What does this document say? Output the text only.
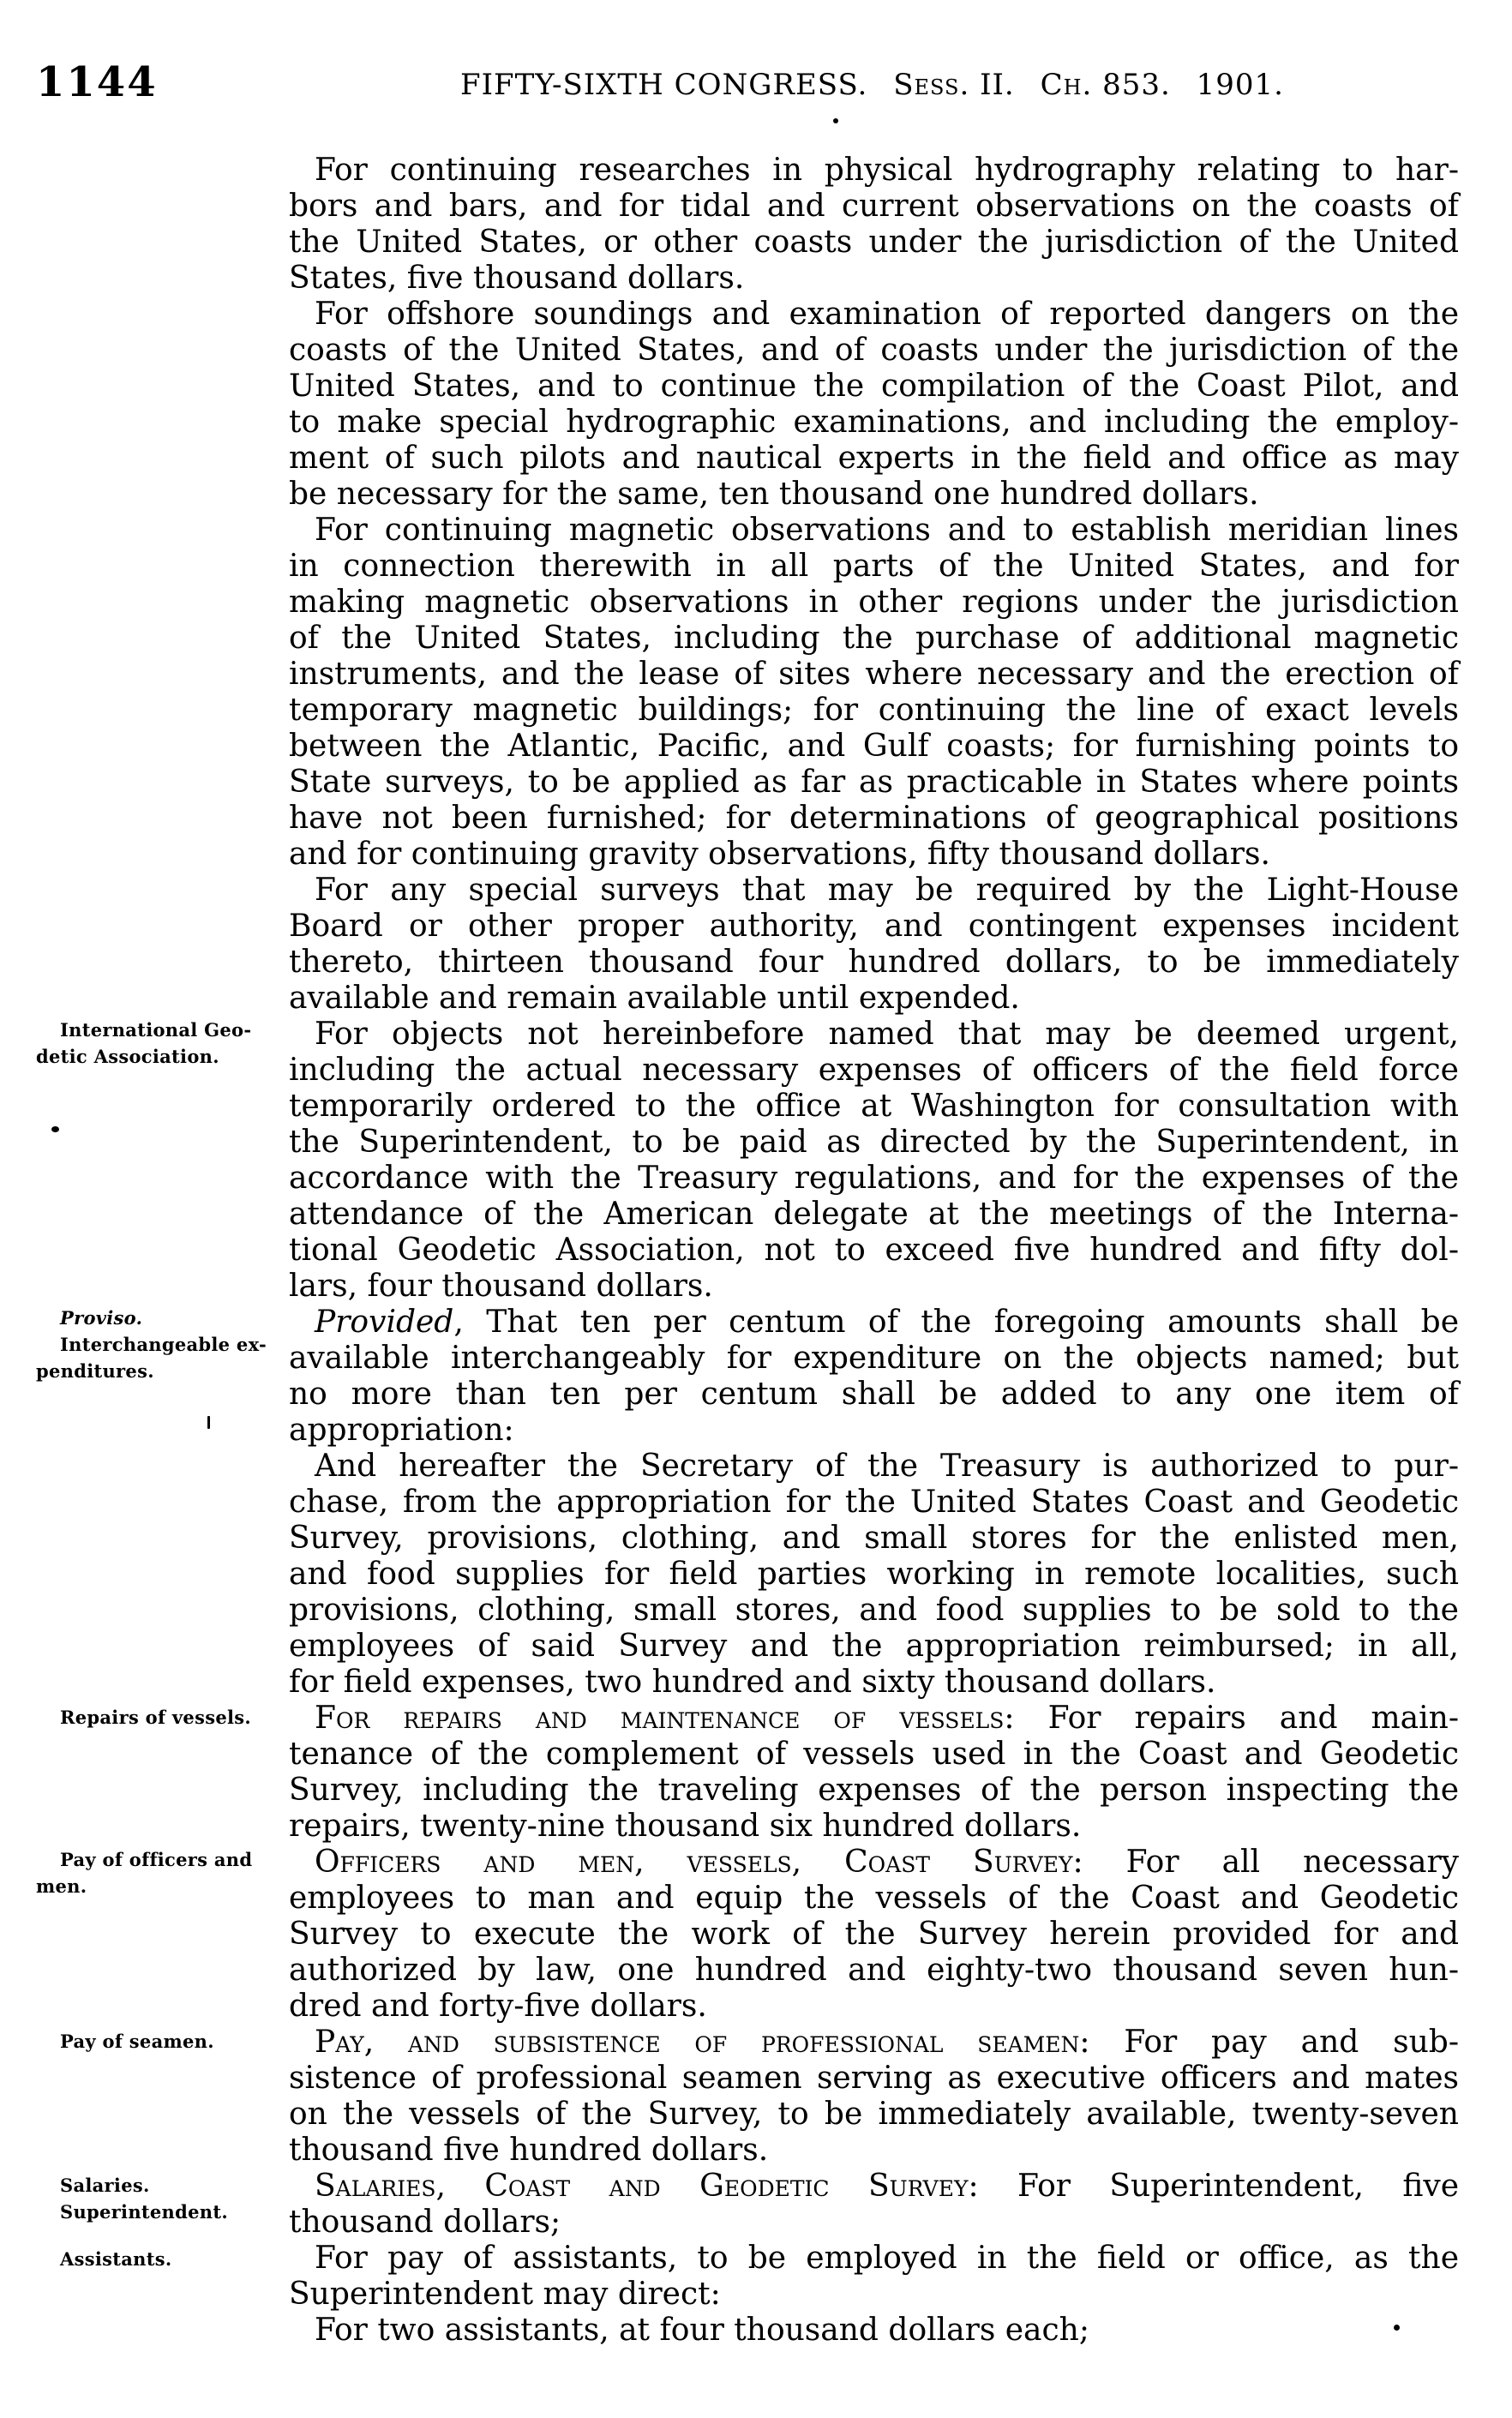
1144	FIFTY-SIXTH CONGRESS. Sess. II. Ch. 853. 1901.
For continuing researches in physical hydrography relating to har-
bors and bars, and for tidal and current observations on the coasts of
the United States, or other coasts under the jurisdiction of the United
States, five thousand dollars.
For offshore soundings and examination of reported dangers on the
coasts of the United States, and of coasts under the jurisdiction of the
United States, and to continue the compilation of the Coast Pilot, and
to make special hydrographic examinations, and including the employ-
ment of such pilots and nautical experts in the field and office as may
be necessary for the same, ten thousand one hundred dollars.
For continuing magnetic observations and to establish meridian lines
in connection therewith in all parts of the United States, and for
making magnetic observations in other regions under the jurisdiction
of the United States, including the purchase of additional magnetic
instruments, and the lease of sites where necessary and the erection of
temporary magnetic buildings; for continuing the line of exact levels
between the Atlantic, Pacific, and Gulf coasts; for furnishing points to
State surveys, to be applied as far as practicable in States where points
have not been furnished; for determinations of geographical positions
and for continuing gravity observations, fifty thousand dollars.
For any special surveys that may be required by the Light-House
Board or other proper authority, and contingent expenses incident
thereto, thirteen thousand four hundred dollars, to be immediately
available and remain available until expended.
For objects not hereinbefore named that may be deemed urgent,
including the actual necessary expenses of officers of the field force
temporarily ordered to the office at Washington for consultation with
the Superintendent, to be paid as directed by the Superintendent, in
accordance with the Treasury regulations, and for the expenses of the
attendance of the American delegate at the meetings of the Interna-
tional Geodetic Association, not to exceed five hundred and fifty dol-
lars, four thousand dollars.
Provided, That ten per centum of the foregoing amounts shall be
available interchangeably for expenditure on the objects named; but
no more than ten per centum shall be added to any one item of
appropriation:
And hereafter the Secretary of the Treasury is authorized to pur-
chase, from the appropriation for the United States Coast and Geodetic
Survey, provisions, clothing, and small stores for the enlisted men,
and food supplies for field parties working in remote localities, such
provisions, clothing, small stores, and food supplies to be sold to the
employees of said Survey and the appropriation reimbursed; in all,
for field expenses, two hundred and sixty thousand dollars.
For repairs and maintenance of vessels: For repairs and main-
tenance of the complement of vessels used in the Coast and Geodetic
Survey, including the traveling expenses of the person inspecting the
repairs, twenty-nine thousand six hundred dollars.
Officers and men, vessels, Coast Survey: For all necessary
employees to man and equip the vessels of the Coast and Geodetic
Survey to execute the work of the Survey herein provided for and
authorized by law, one hundred and eighty-two thousand seven hun-
dred and forty-five dollars.
Pay, and subsistence of professional seamen: For pay and sub-
sistence of professional seamen serving as executive officers and mates
on the vessels of the Survey, to be immediately available, twenty-seven
thousand five hundred dollars.
Salaries, Coast and Geodetic Survey: For Superintendent, five
thousand dollars;
For pay of assistants, to be employed in the field or office, as the
Superintendent may direct:
For two assistants, at four thousand dollars each;
International Geo-
detic Association.
Proviso.
Interchangeable ex-
penditures.
Repairs of vessels.
Pay of officers and
men.
Pay of seamen.
Salaries.
Superintendent.
Assistants.
